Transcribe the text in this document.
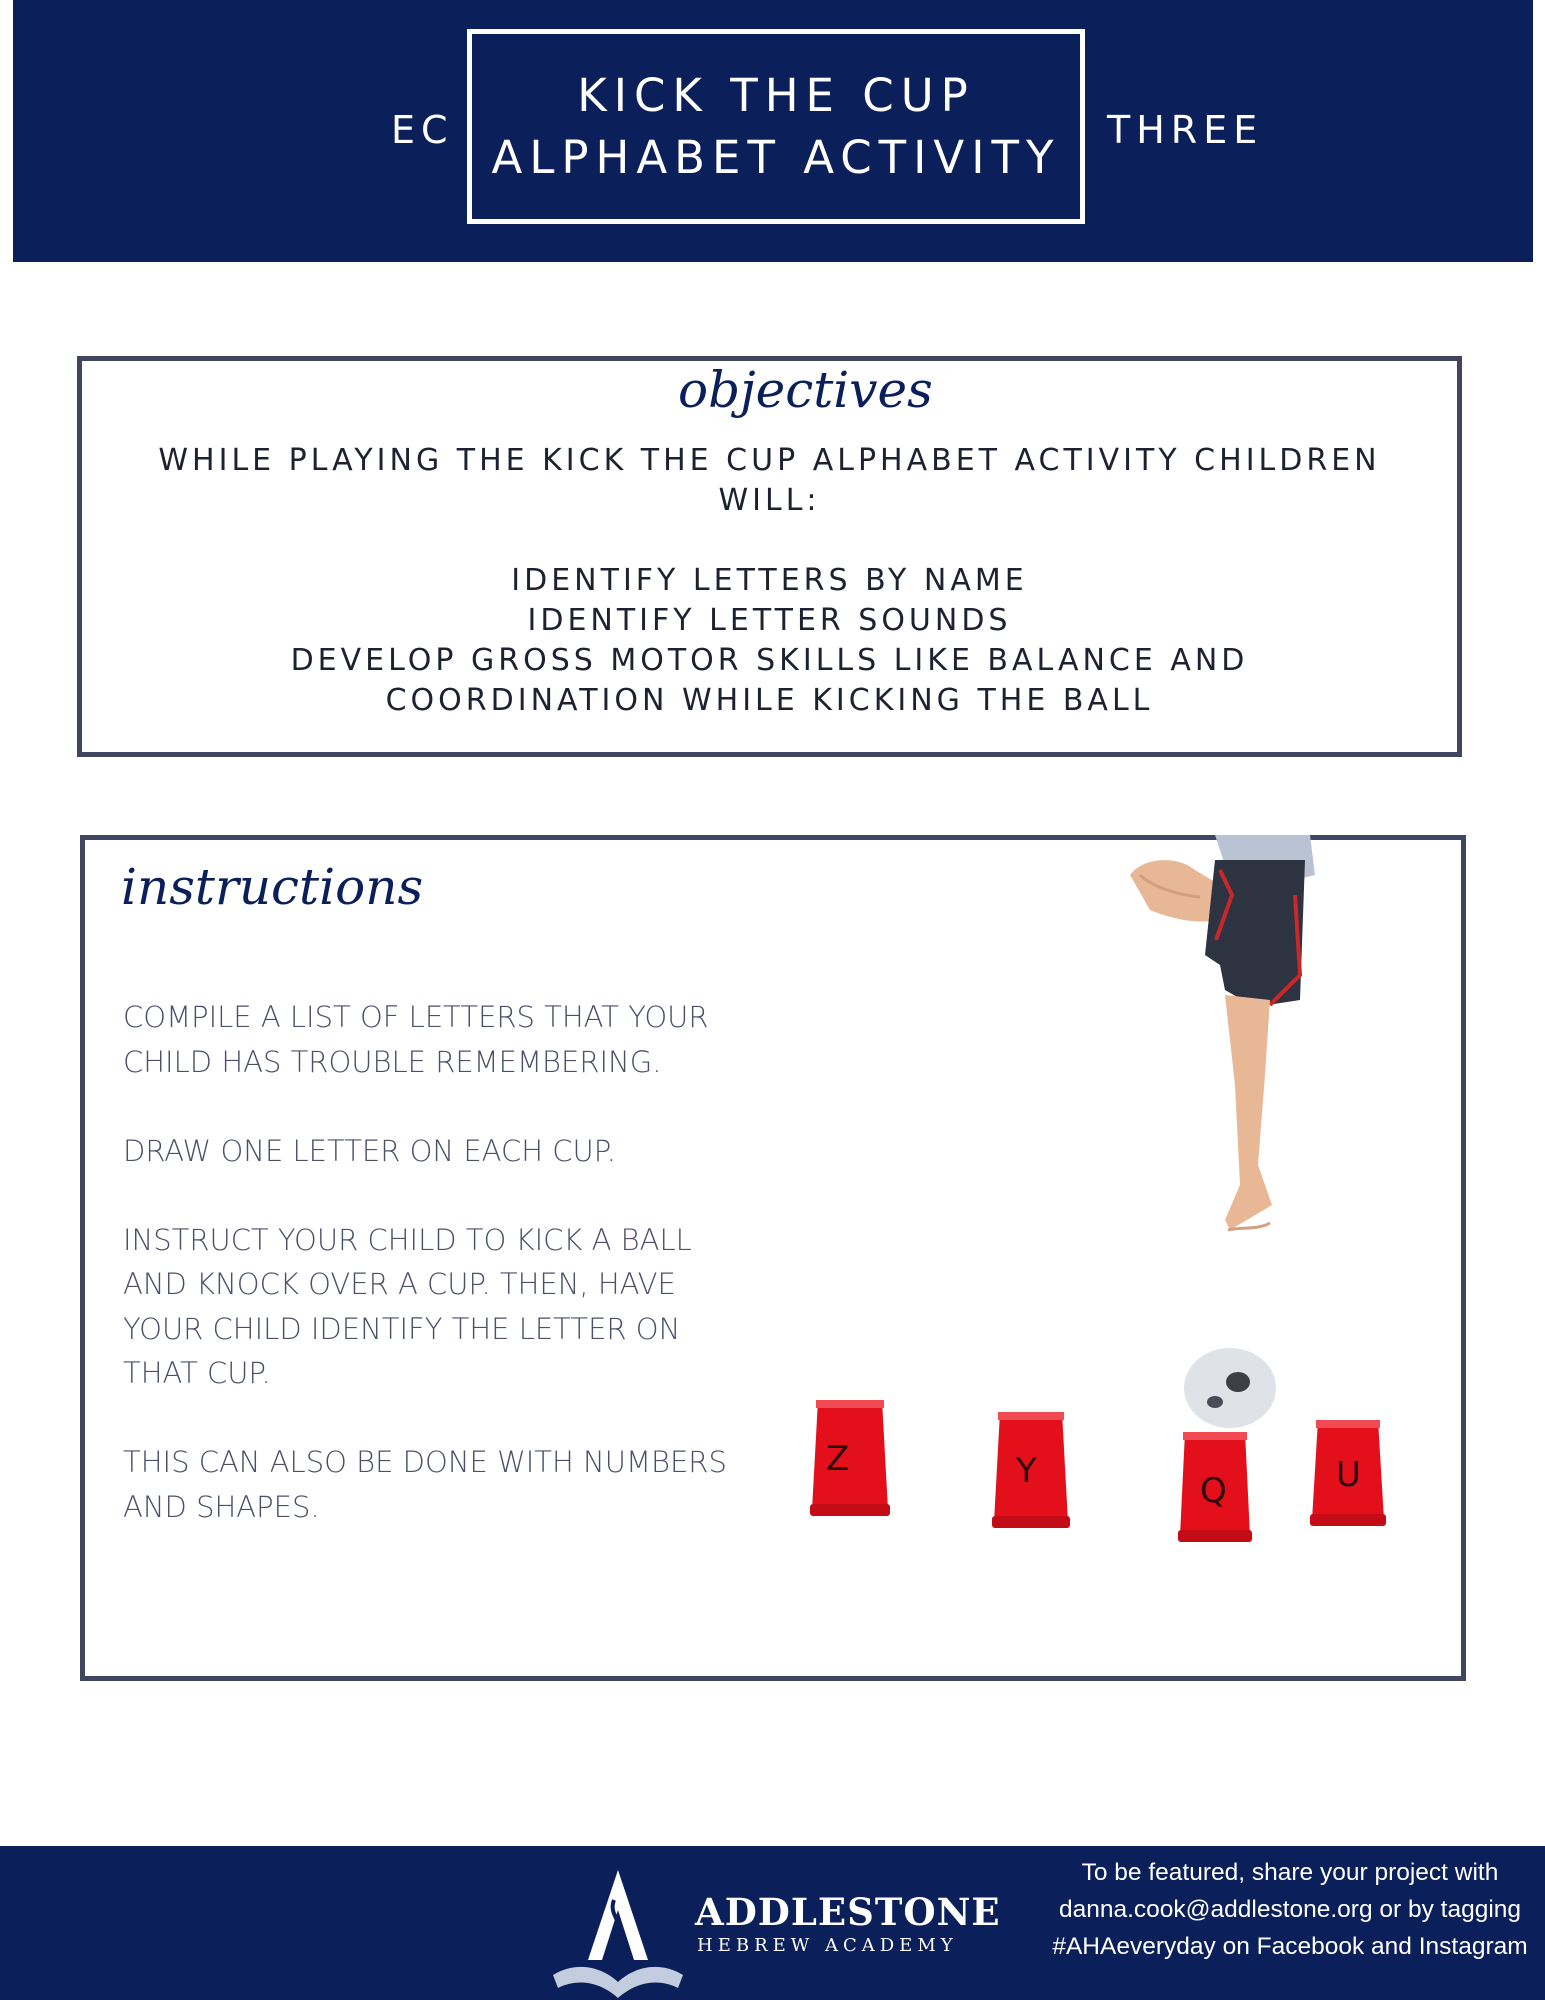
EC
KICK THE CUP
ALPHABET ACTIVITY
THREE
objectives
WHILE PLAYING THE KICK THE CUP ALPHABET ACTIVITY CHILDREN WILL:
IDENTIFY LETTERS BY NAME
IDENTIFY LETTER SOUNDS
DEVELOP GROSS MOTOR SKILLS LIKE BALANCE AND COORDINATION WHILE KICKING THE BALL
instructions

COMPILE A LIST OF LETTERS THAT YOUR CHILD HAS TROUBLE REMEMBERING.

DRAW ONE LETTER ON EACH CUP.

INSTRUCT YOUR CHILD TO KICK A BALL AND KNOCK OVER A CUP. THEN, HAVE YOUR CHILD IDENTIFY THE LETTER ON THAT CUP.

THIS CAN ALSO BE DONE WITH NUMBERS AND SHAPES.

Z	Y	Q	U
ADDLESTONE
HEBREW ACADEMY
To be featured, share your project with danna.cook@addlestone.org or by tagging #AHAeveryday on Facebook and Instagram
